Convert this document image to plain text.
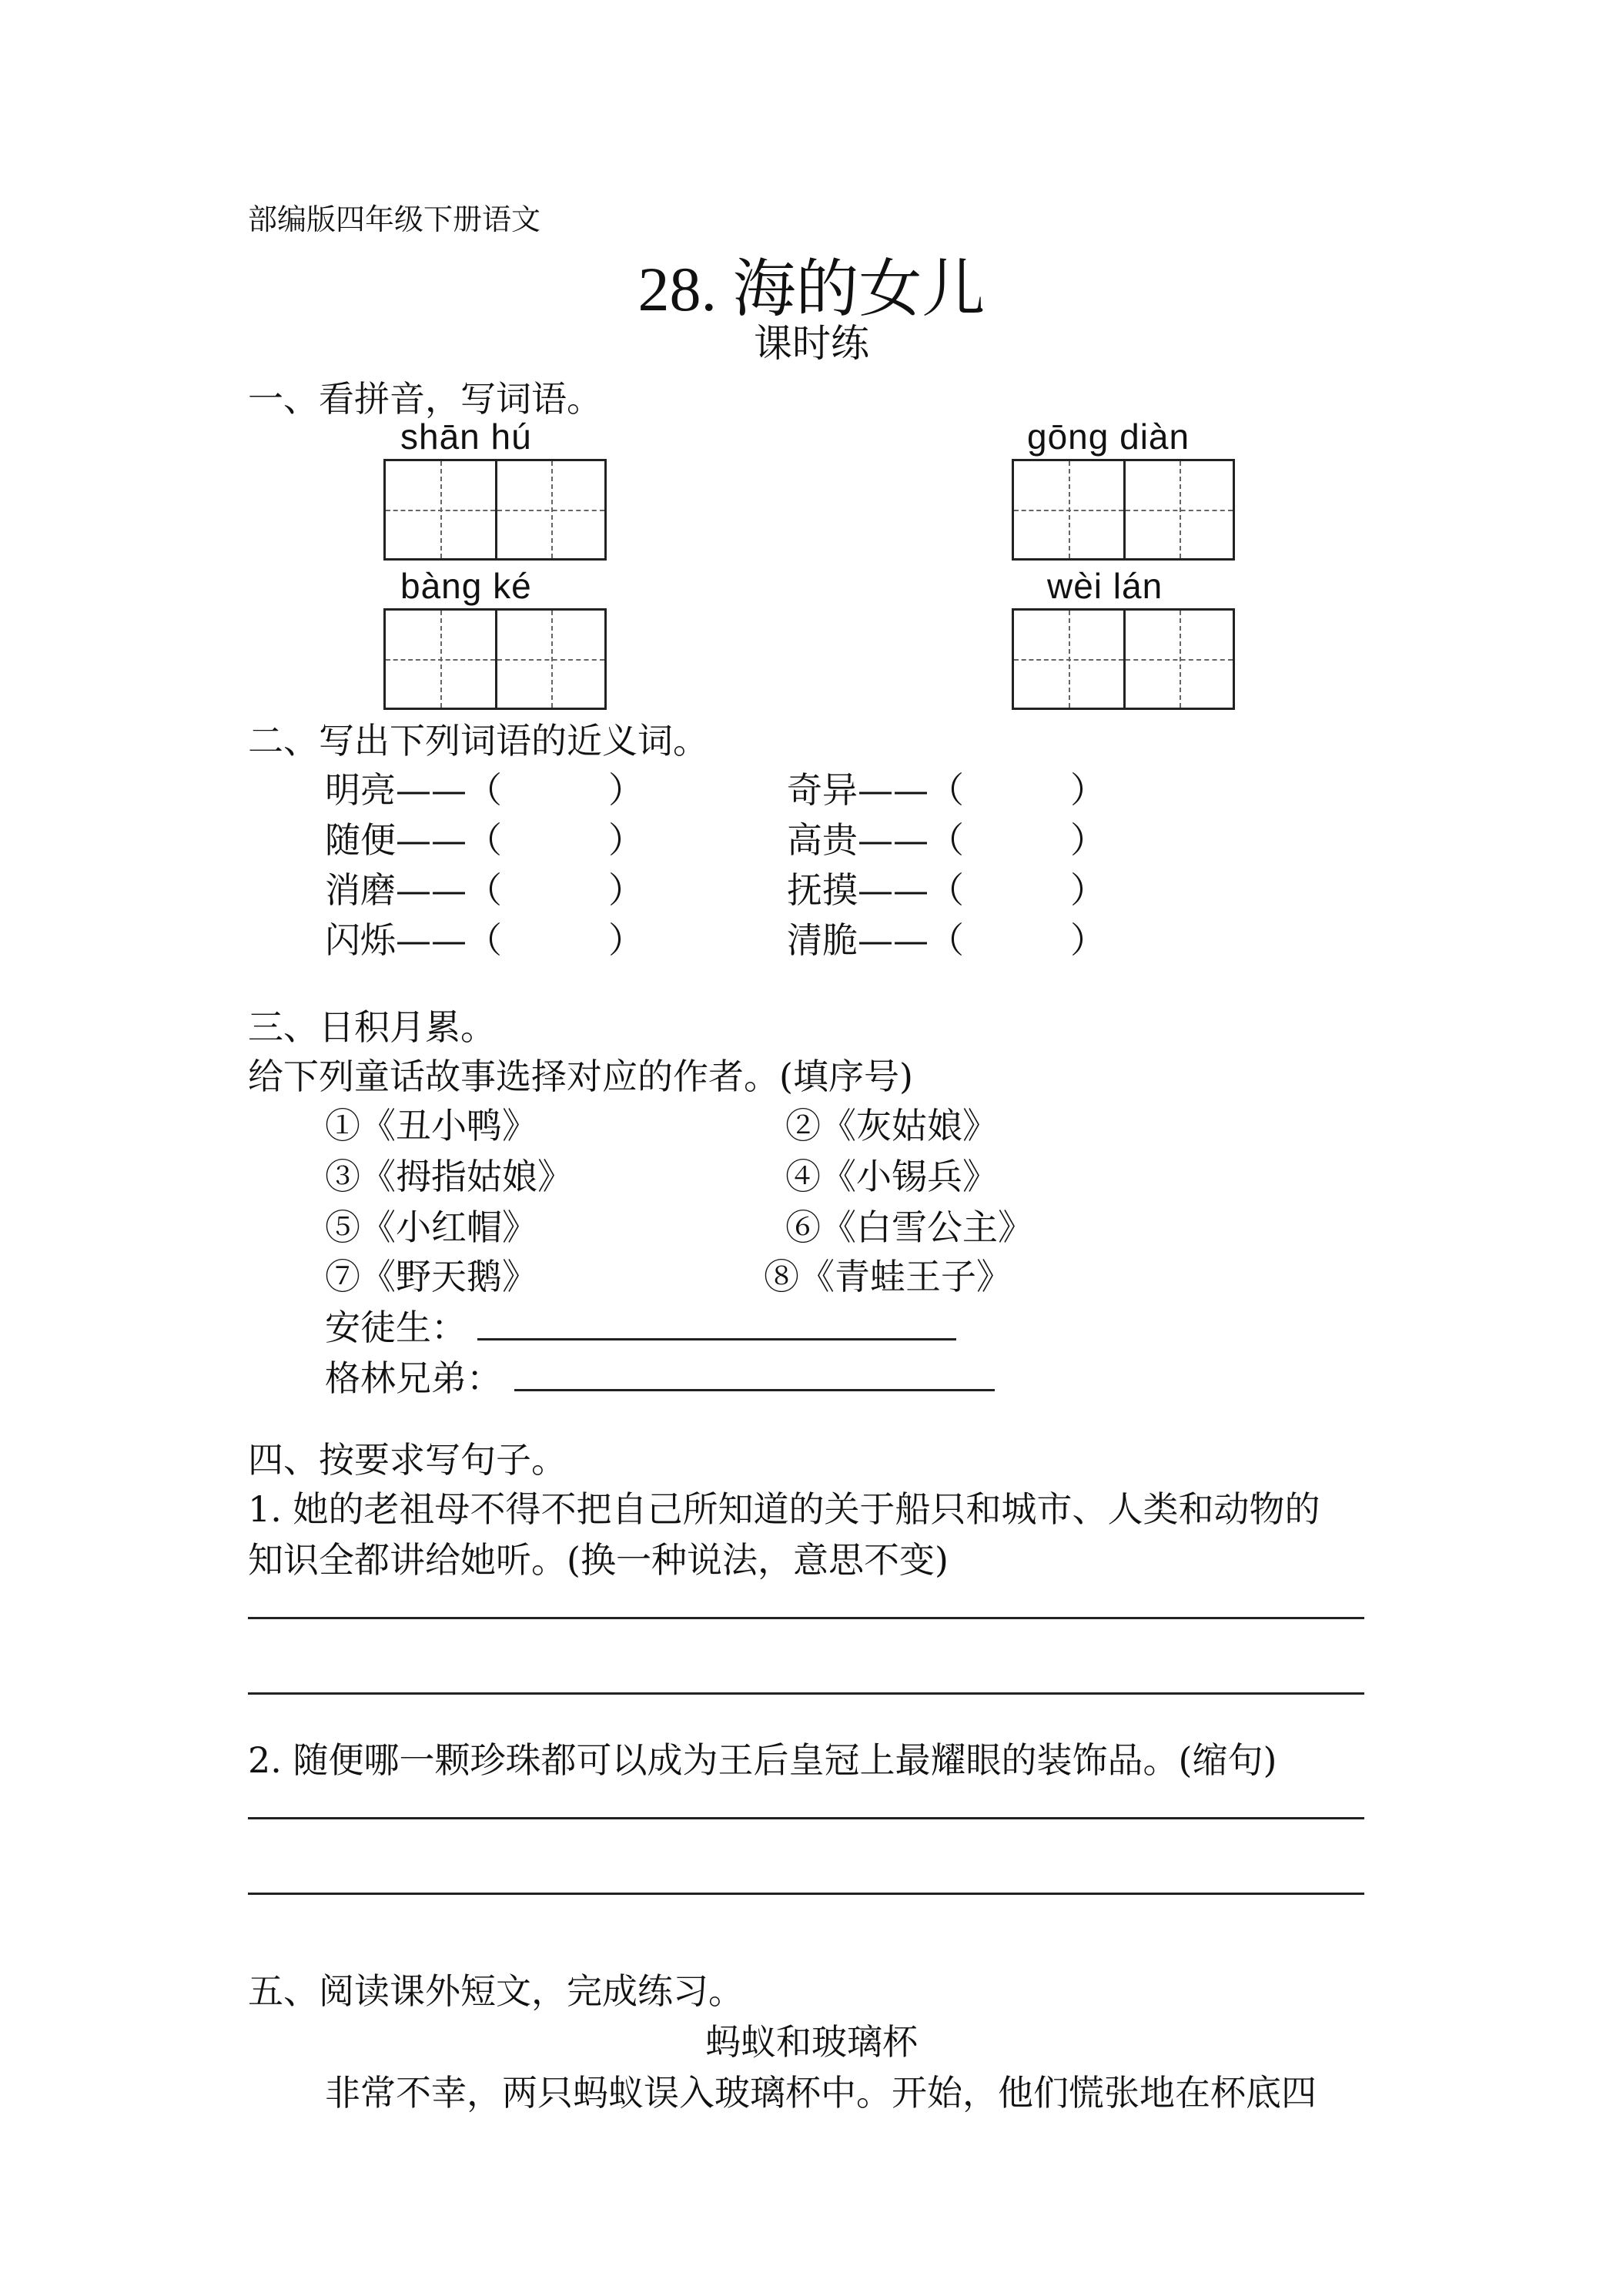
部编版四年级下册语文
28. 海的女儿
课时练
一、看拼音，写词语。
shān hú	gōng diàn
bàng ké	wèi lán
二、写出下列词语的近义词。
明亮——（　　　）	奇异——（　　　）
随便——（　　　）	高贵——（　　　）
消磨——（　　　）	抚摸——（　　　）
闪烁——（　　　）	清脆——（　　　）
三、日积月累。
给下列童话故事选择对应的作者。(填序号)
①《丑小鸭》	②《灰姑娘》
③《拇指姑娘》	④《小锡兵》
⑤《小红帽》	⑥《白雪公主》
⑦《野天鹅》	⑧《青蛙王子》
安徒生：
格林兄弟：
四、按要求写句子。
1. 她的老祖母不得不把自己所知道的关于船只和城市、人类和动物的
知识全都讲给她听。(换一种说法，意思不变)
2. 随便哪一颗珍珠都可以成为王后皇冠上最耀眼的装饰品。(缩句)
五、阅读课外短文，完成练习。
蚂蚁和玻璃杯
非常不幸，两只蚂蚁误入玻璃杯中。开始，他们慌张地在杯底四
